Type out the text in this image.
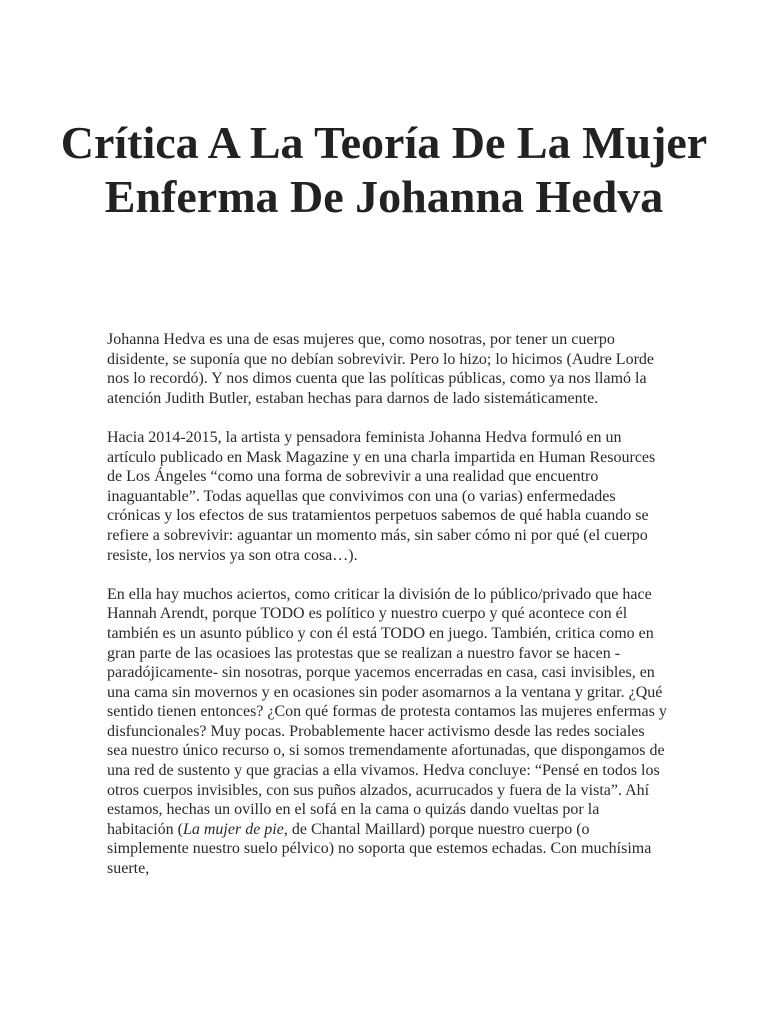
Crítica A La Teoría De La Mujer Enferma De Johanna Hedva

Johanna Hedva es una de esas mujeres que, como nosotras, por tener un cuerpo disidente, se suponía que no debían sobrevivir. Pero lo hizo; lo hicimos (Audre Lorde nos lo recordó). Y nos dimos cuenta que las políticas públicas, como ya nos llamó la atención Judith Butler, estaban hechas para darnos de lado sistemáticamente.

Hacia 2014-2015, la artista y pensadora feminista Johanna Hedva formuló en un artículo publicado en Mask Magazine y en una charla impartida en Human Resources de Los Ángeles “como una forma de sobrevivir a una realidad que encuentro inaguantable”. Todas aquellas que convivimos con una (o varias) enfermedades crónicas y los efectos de sus tratamientos perpetuos sabemos de qué habla cuando se refiere a sobrevivir: aguantar un momento más, sin saber cómo ni por qué (el cuerpo resiste, los nervios ya son otra cosa…).

En ella hay muchos aciertos, como criticar la división de lo público/privado que hace Hannah Arendt, porque TODO es político y nuestro cuerpo y qué acontece con él también es un asunto público y con él está TODO en juego. También, critica como en gran parte de las ocasioes las protestas que se realizan a nuestro favor se hacen -paradójicamente- sin nosotras, porque yacemos encerradas en casa, casi invisibles, en una cama sin movernos y en ocasiones sin poder asomarnos a la ventana y gritar. ¿Qué sentido tienen entonces? ¿Con qué formas de protesta contamos las mujeres enfermas y disfuncionales? Muy pocas. Probablemente hacer activismo desde las redes sociales sea nuestro único recurso o, si somos tremendamente afortunadas, que dispongamos de una red de sustento y que gracias a ella vivamos. Hedva concluye: “Pensé en todos los otros cuerpos invisibles, con sus puños alzados, acurrucados y fuera de la vista”. Ahí estamos, hechas un ovillo en el sofá en la cama o quizás dando vueltas por la habitación (La mujer de pie, de Chantal Maillard) porque nuestro cuerpo (o simplemente nuestro suelo pélvico) no soporta que estemos echadas. Con muchísima suerte,
